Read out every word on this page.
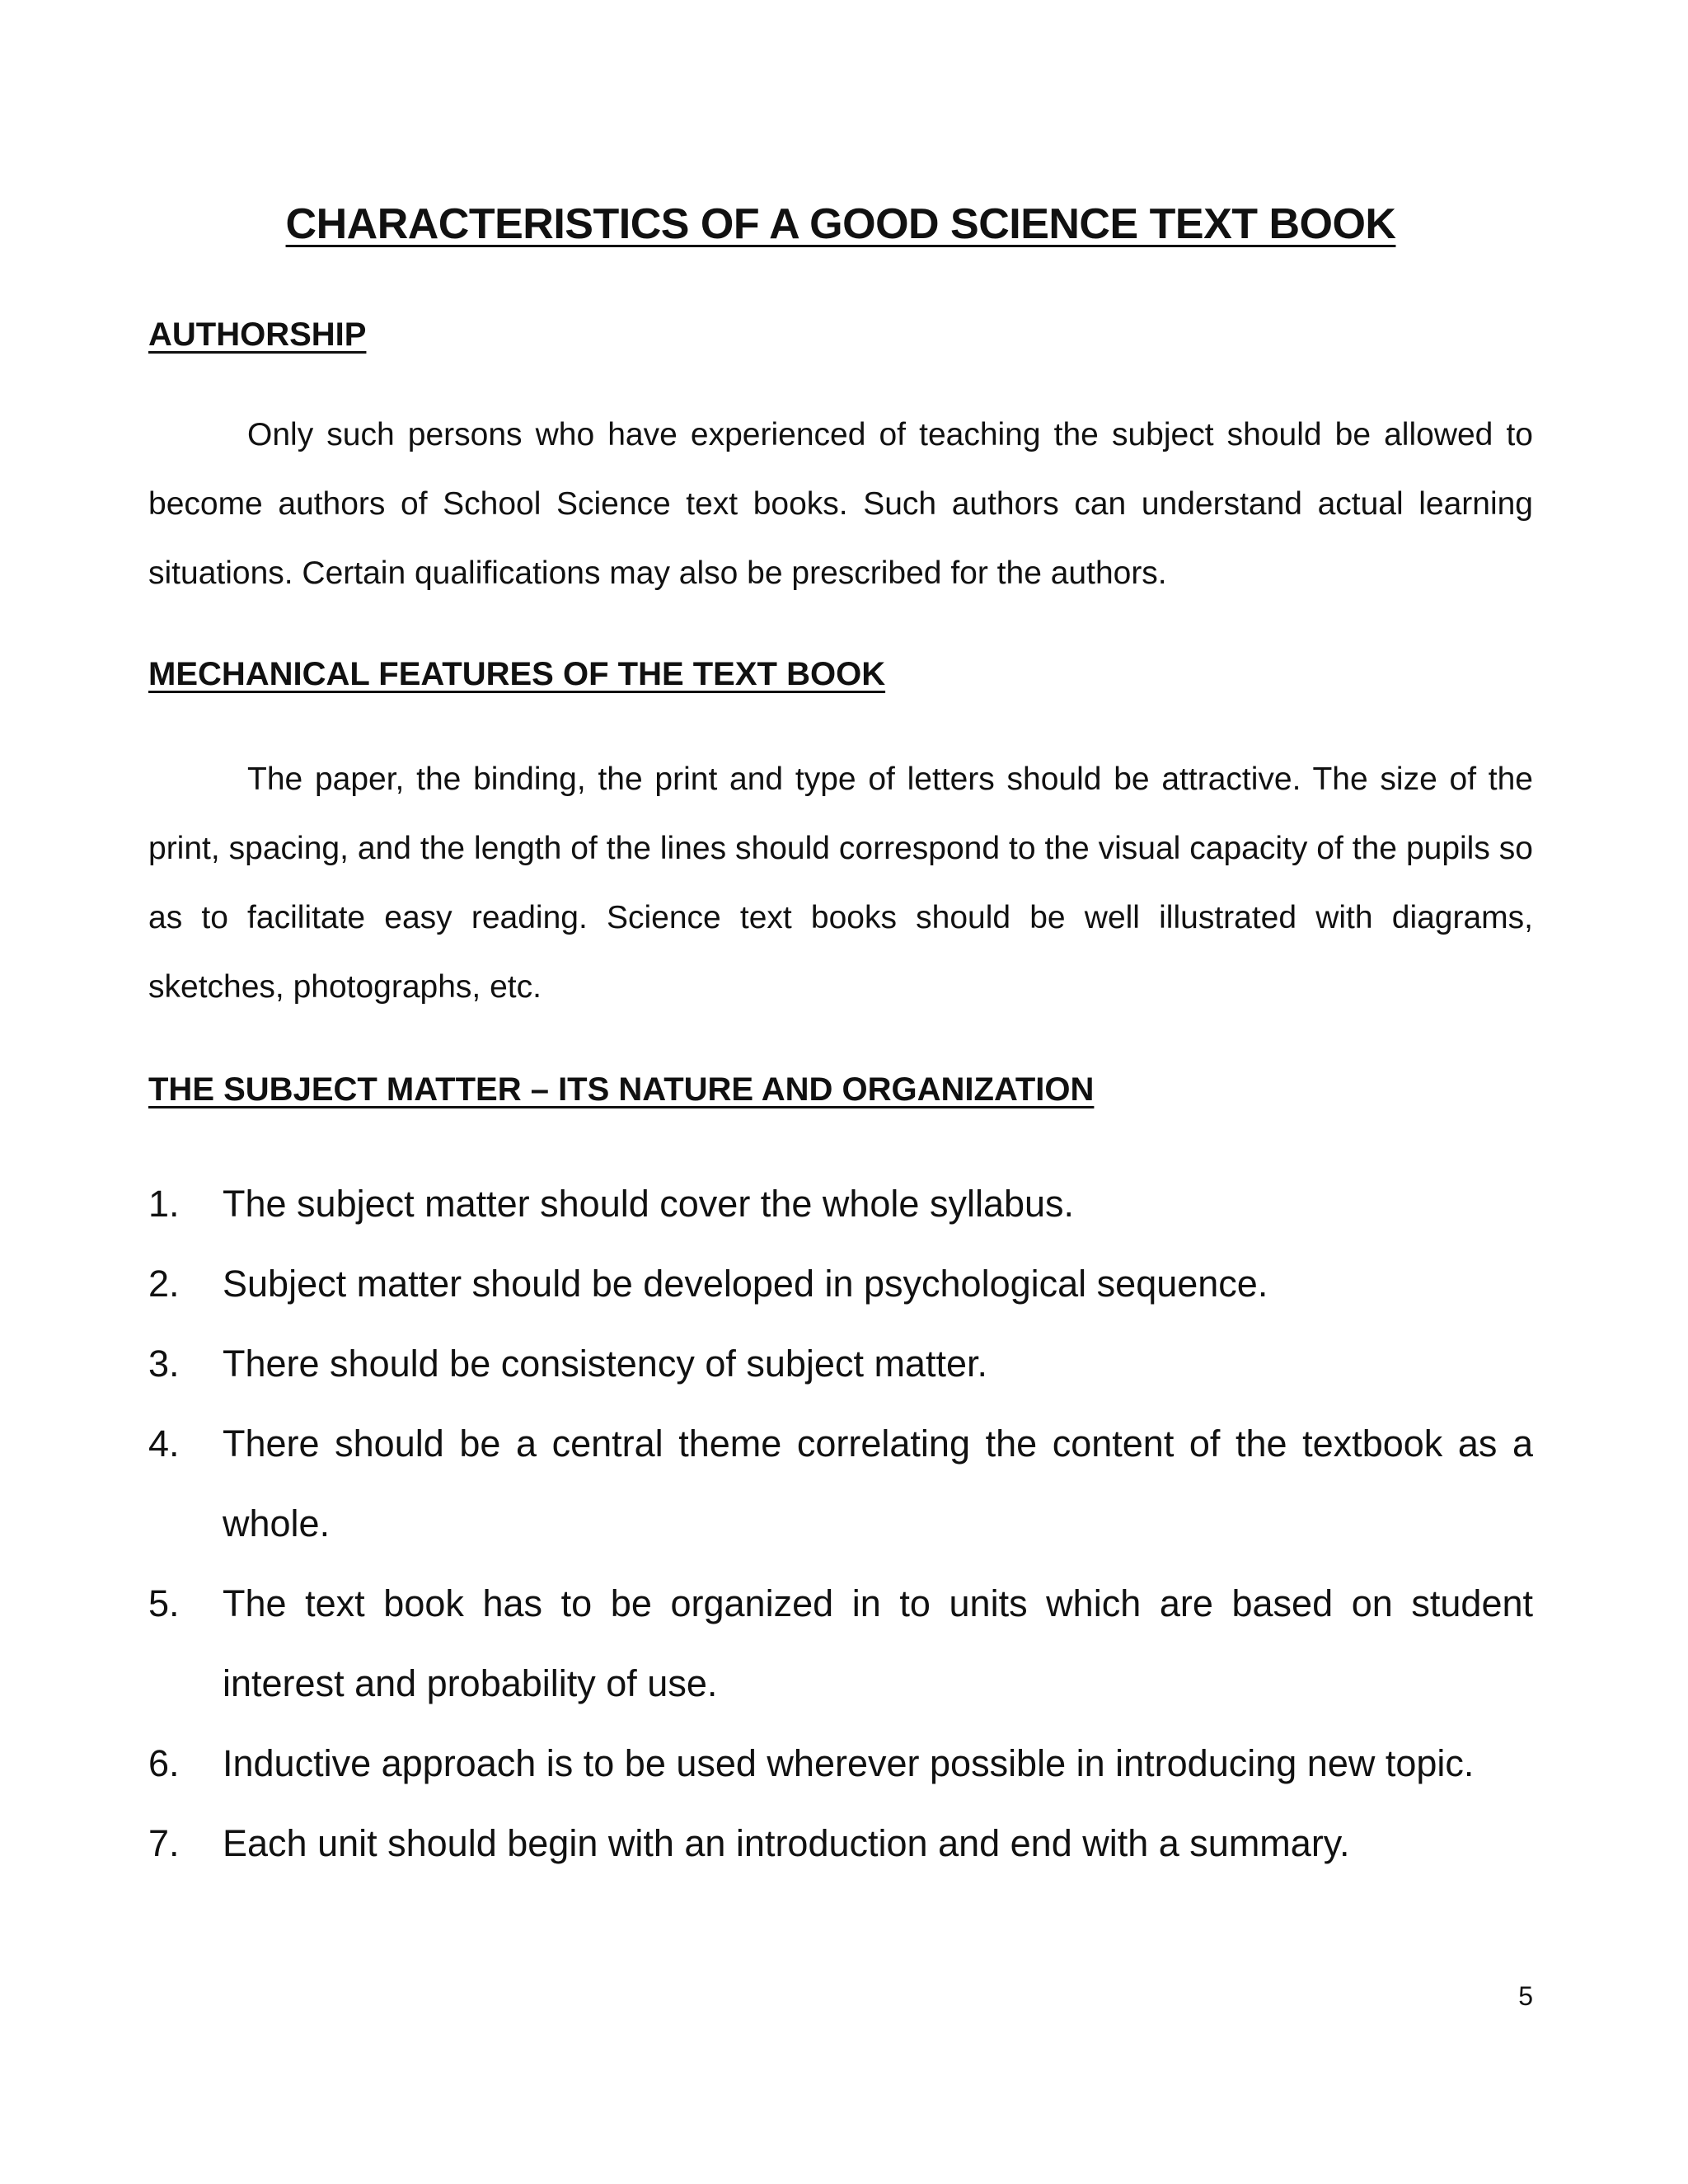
CHARACTERISTICS OF A GOOD SCIENCE TEXT BOOK
AUTHORSHIP

Only such persons who have experienced of teaching the subject should be allowed to become authors of School Science text books. Such authors can understand actual learning situations. Certain qualifications may also be prescribed for the authors.

MECHANICAL FEATURES OF THE TEXT BOOK

The paper, the binding, the print and type of letters should be attractive. The size of the print, spacing, and the length of the lines should correspond to the visual capacity of the pupils so as to facilitate easy reading. Science text books should be well illustrated with diagrams, sketches, photographs, etc.

THE SUBJECT MATTER – ITS NATURE AND ORGANIZATION
1. The subject matter should cover the whole syllabus.
2. Subject matter should be developed in psychological sequence.
3. There should be consistency of subject matter.
4. There should be a central theme correlating the content of the textbook as a whole.
5. The text book has to be organized in to units which are based on student interest and probability of use.
6. Inductive approach is to be used wherever possible in introducing new topic.
7. Each unit should begin with an introduction and end with a summary.
5
